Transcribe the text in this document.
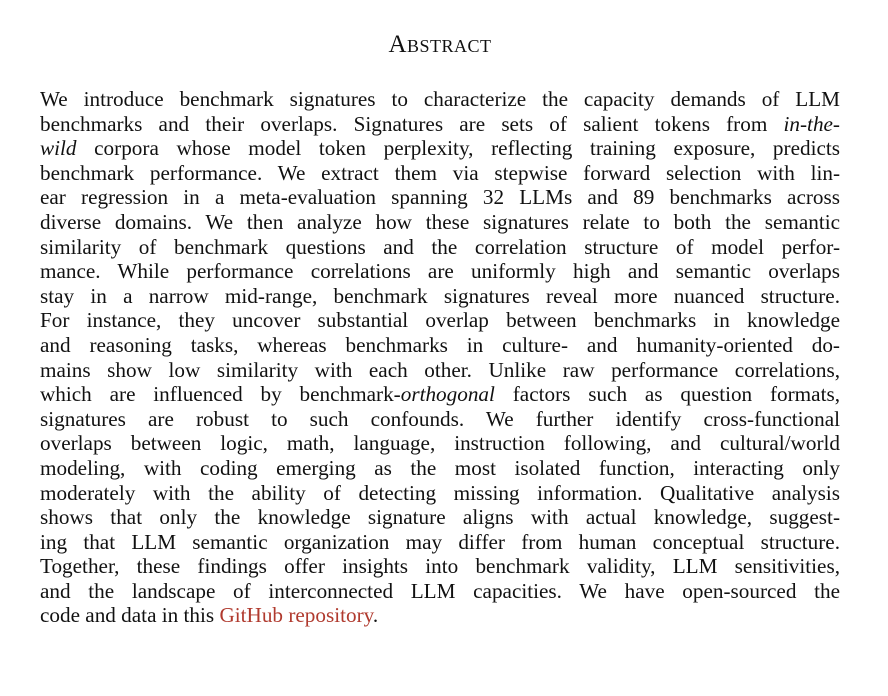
Abstract
We introduce benchmark signatures to characterize the capacity demands of LLM
benchmarks and their overlaps. Signatures are sets of salient tokens from in-the-
wild corpora whose model token perplexity, reflecting training exposure, predicts
benchmark performance. We extract them via stepwise forward selection with lin-
ear regression in a meta-evaluation spanning 32 LLMs and 89 benchmarks across
diverse domains. We then analyze how these signatures relate to both the semantic
similarity of benchmark questions and the correlation structure of model perfor-
mance. While performance correlations are uniformly high and semantic overlaps
stay in a narrow mid-range, benchmark signatures reveal more nuanced structure.
For instance, they uncover substantial overlap between benchmarks in knowledge
and reasoning tasks, whereas benchmarks in culture- and humanity-oriented do-
mains show low similarity with each other. Unlike raw performance correlations,
which are influenced by benchmark-orthogonal factors such as question formats,
signatures are robust to such confounds. We further identify cross-functional
overlaps between logic, math, language, instruction following, and cultural/world
modeling, with coding emerging as the most isolated function, interacting only
moderately with the ability of detecting missing information. Qualitative analysis
shows that only the knowledge signature aligns with actual knowledge, suggest-
ing that LLM semantic organization may differ from human conceptual structure.
Together, these findings offer insights into benchmark validity, LLM sensitivities,
and the landscape of interconnected LLM capacities. We have open-sourced the
code and data in this GitHub repository.
